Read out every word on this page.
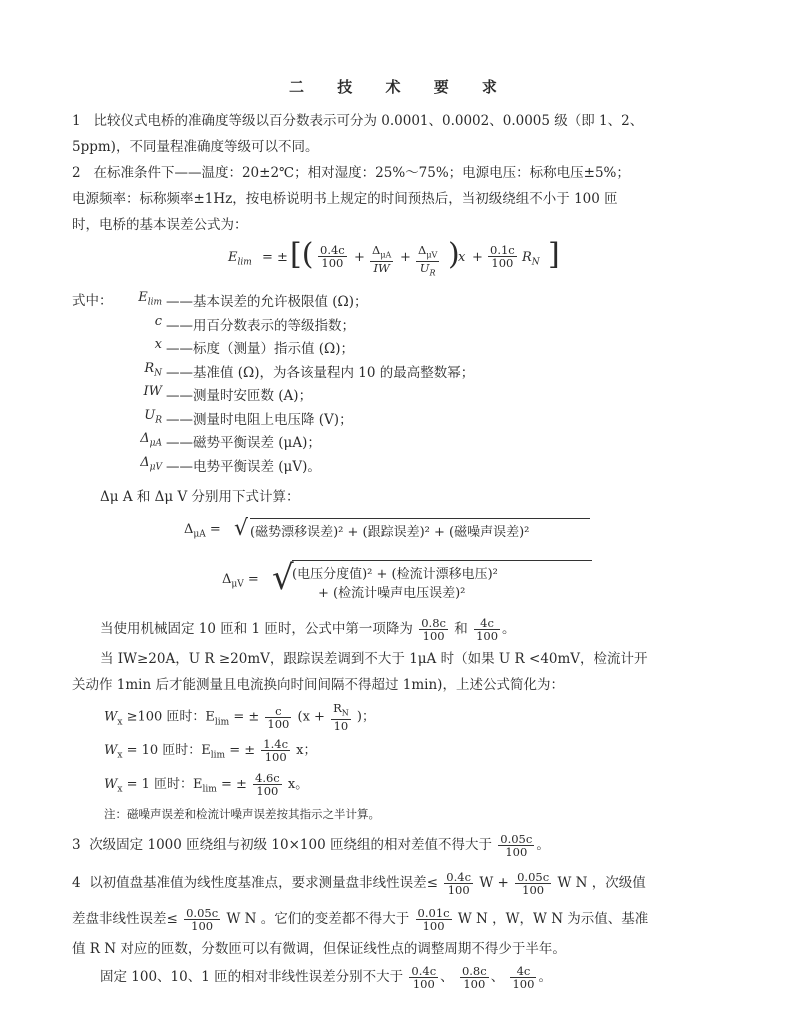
二 技 术 要 求
1 比较仪式电桥的准确度等级以百分数表示可分为 0.0001、0.0002、0.0005 级（即 1、2、
5ppm)，不同量程准确度等级可以不同。
2 在标准条件下——温度：20±2℃；相对湿度：25%～75%；电源电压：标称电压±5%；
电源频率：标称频率±1Hz，按电桥说明书上规定的时间预热后，当初级绕组不小于 100 匝
时，电桥的基本误差公式为：
$E_{lim}$ = ± [( $\frac{0.4c}{100} + \Delta_{\mu A}$
IW
+ $\Delta_{\mu V}$
$U_R$
)
$x + \frac{0.1c}{100} R_N$ ]
式中：	$E_{lim}$ ——基本误差的允许极限值 (Ω)；
c ——用百分数表示的等级指数；
x ——标度（测量）指示值 (Ω)；
$R_N$ ——基准值 (Ω)，为各该量程内 10 的最高整数幂；
IW ——测量时安匝数 (A)；
$U_R$ ——测量时电阻上电压降 (V)；
$\Delta_{\mu A}$ ——磁势平衡误差 (μA)；
$\Delta_{\mu V}$ ——电势平衡误差 (μV)。
Δμ A 和 Δμ V 分别用下式计算：
$\Delta_{\mu A}$ = √ (磁势漂移误差)² + (跟踪误差)² + (磁噪声误差)²
$\Delta_{\mu V}$ = √
(电压分度值)² + (检流计漂移电压)²
+ (检流计噪声电压误差)²
当使用机械固定 10 匝和 1 匝时，公式中第一项降为 $\frac{0.8c}{100}$ 和 $\frac{4c}{100}$ 。
当 IW≥20A，U R ≥20mV，跟踪误差调到不大于 1μA 时（如果 U R <40mV，检流计开
关动作 1min 后才能测量且电流换向时间间隔不得超过 1min)，上述公式简化为：
$W_x \ge 100$ 匝时：$E_{lim}$ = ± $\frac{c}{100} (x + \frac{R_N}{10}$ )；
$W_x = 10$ 匝时：$E_{lim}$ = ± $\frac{1.4c}{100}$ x；
$W_x = 1$ 匝时：$E_{lim}$ = ± $\frac{4.6c}{100}$ x。
注：磁噪声误差和检流计噪声误差按其指示之半计算。
3 次级固定 1000 匝绕组与初级 10×100 匝绕组的相对差值不得大于 $\frac{0.05c}{100}$ 。
4 以初值盘基准值为线性度基准点，要求测量盘非线性误差≤ $\frac{0.4c}{100}$ $W + \frac{0.05c}{100}$ W N ，次级值
差盘非线性误差≤ $\frac{0.05c}{100}$ W N 。它们的变差都不得大于 $\frac{0.01c}{100}$ W N ，W，W N 为示值、基准
值 R N 对应的匝数，分数匝可以有微调，但保证线性点的调整周期不得少于半年。
固定 100、10、1 匝的相对非线性误差分别不大于 $\frac{0.4c}{100}$ 、 $\frac{0.8c}{100}$ 、 $\frac{4c}{100}$ 。
